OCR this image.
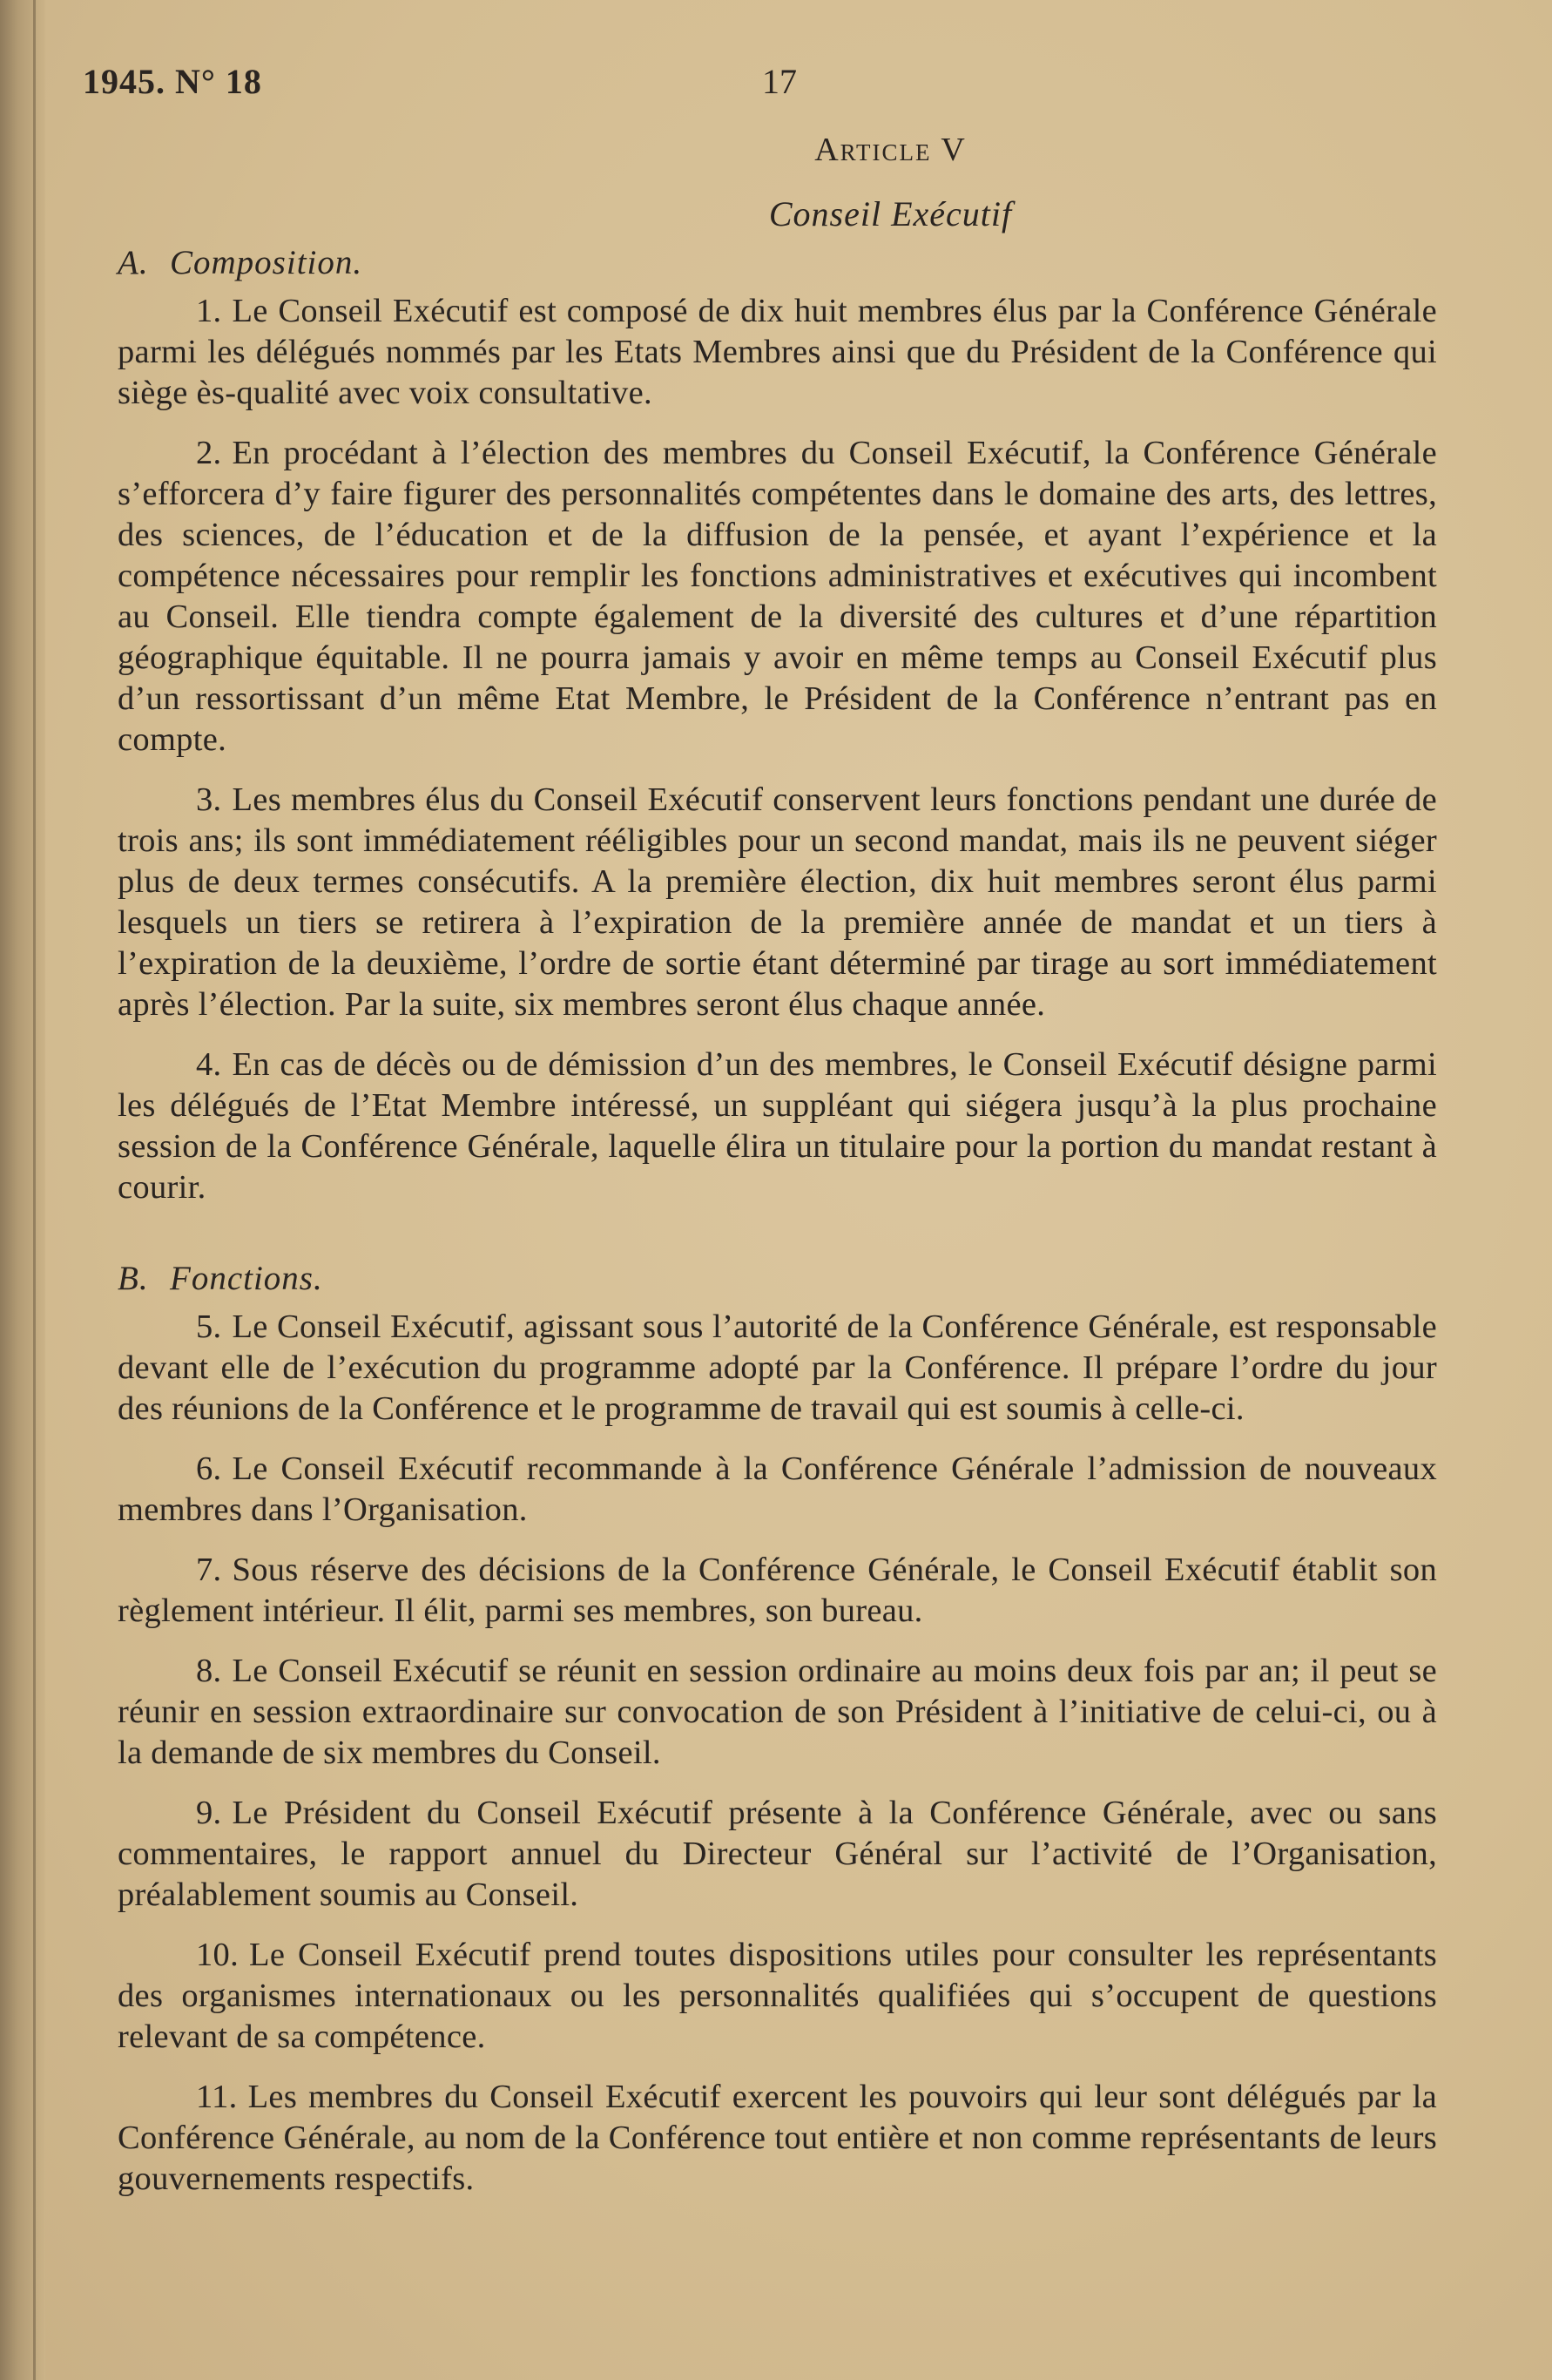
1945. N° 18	17
Article V
Conseil Exécutif
A. Composition.

1. Le Conseil Exécutif est composé de dix huit membres élus par la Conférence Générale parmi les délégués nommés par les Etats Membres ainsi que du Président de la Conférence qui siège ès-qualité avec voix consultative.

2. En procédant à l’élection des membres du Conseil Exécutif, la Conférence Générale s’efforcera d’y faire figurer des personnalités compétentes dans le domaine des arts, des lettres, des sciences, de l’éducation et de la diffusion de la pensée, et ayant l’expérience et la compétence nécessaires pour remplir les fonctions administratives et exécutives qui incombent au Conseil. Elle tiendra compte également de la diversité des cultures et d’une répartition géographique équitable. Il ne pourra jamais y avoir en même temps au Conseil Exécutif plus d’un ressortissant d’un même Etat Membre, le Président de la Conférence n’entrant pas en compte.

3. Les membres élus du Conseil Exécutif conservent leurs fonctions pendant une durée de trois ans; ils sont immédiatement rééligibles pour un second mandat, mais ils ne peuvent siéger plus de deux termes consécutifs. A la première élection, dix huit membres seront élus parmi lesquels un tiers se retirera à l’expiration de la première année de mandat et un tiers à l’expiration de la deuxième, l’ordre de sortie étant déterminé par tirage au sort immédiatement après l’élection. Par la suite, six membres seront élus chaque année.

4. En cas de décès ou de démission d’un des membres, le Conseil Exécutif désigne parmi les délégués de l’Etat Membre intéressé, un suppléant qui siégera jusqu’à la plus prochaine session de la Conférence Générale, laquelle élira un titulaire pour la portion du mandat restant à courir.

B. Fonctions.

5. Le Conseil Exécutif, agissant sous l’autorité de la Conférence Générale, est responsable devant elle de l’exécution du programme adopté par la Conférence. Il prépare l’ordre du jour des réunions de la Conférence et le programme de travail qui est soumis à celle-ci.

6. Le Conseil Exécutif recommande à la Conférence Générale l’admission de nouveaux membres dans l’Organisation.

7. Sous réserve des décisions de la Conférence Générale, le Conseil Exécutif établit son règlement intérieur. Il élit, parmi ses membres, son bureau.

8. Le Conseil Exécutif se réunit en session ordinaire au moins deux fois par an; il peut se réunir en session extraordinaire sur convocation de son Président à l’initiative de celui-ci, ou à la demande de six membres du Conseil.

9. Le Président du Conseil Exécutif présente à la Conférence Générale, avec ou sans commentaires, le rapport annuel du Directeur Général sur l’activité de l’Organisation, préalablement soumis au Conseil.

10. Le Conseil Exécutif prend toutes dispositions utiles pour consulter les représentants des organismes internationaux ou les personnalités qualifiées qui s’occupent de questions relevant de sa compétence.

11. Les membres du Conseil Exécutif exercent les pouvoirs qui leur sont délégués par la Conférence Générale, au nom de la Conférence tout entière et non comme représentants de leurs gouvernements respectifs.
